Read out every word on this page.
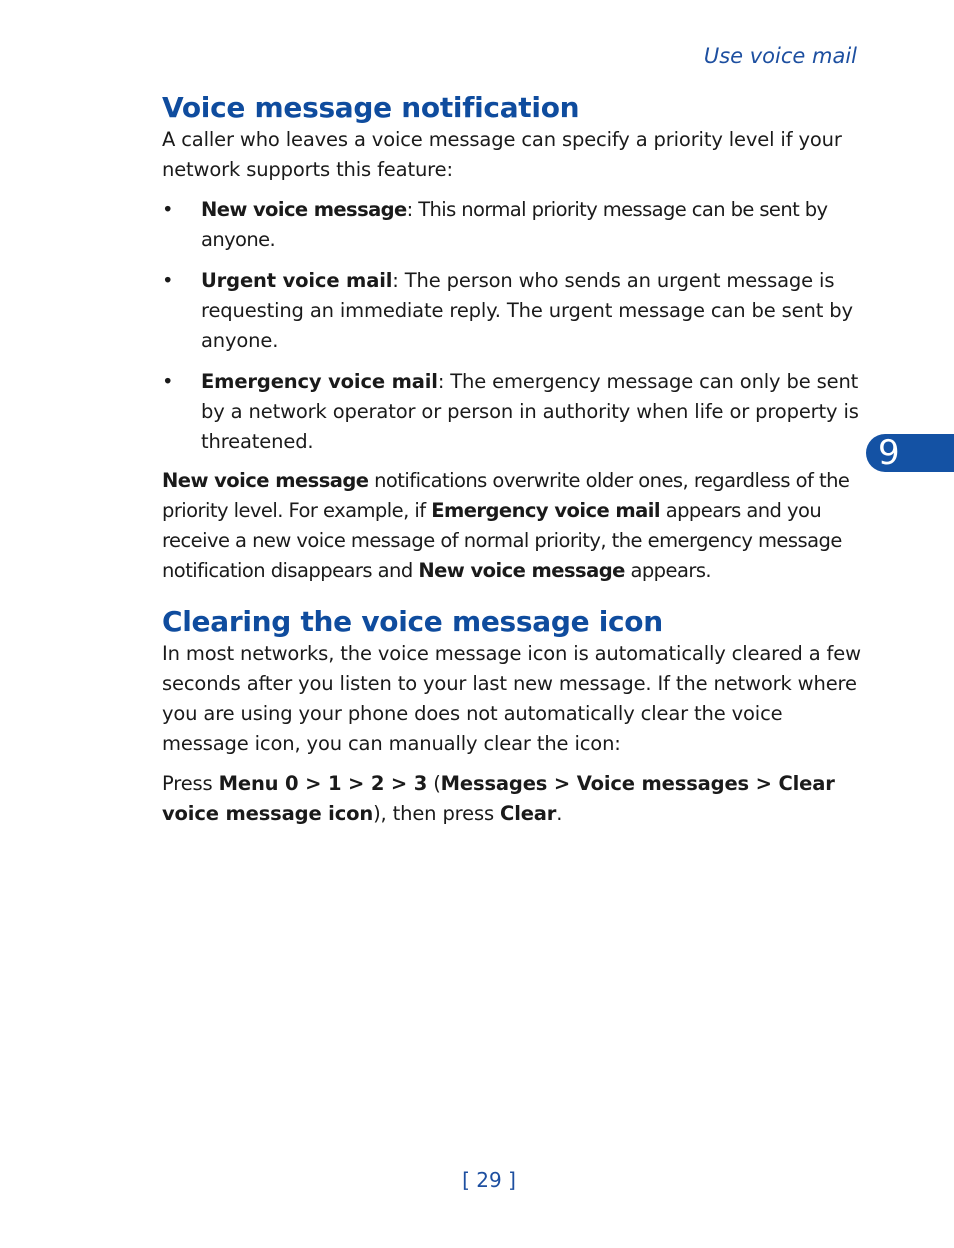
Use voice mail
9
Voice message notification

A caller who leaves a voice message can specify a priority level if your network supports this feature:

• New voice message: This normal priority message can be sent by anyone.
• Urgent voice mail: The person who sends an urgent message is requesting an immediate reply. The urgent message can be sent by anyone.
• Emergency voice mail: The emergency message can only be sent by a network operator or person in authority when life or property is threatened.

New voice message notifications overwrite older ones, regardless of the priority level. For example, if Emergency voice mail appears and you receive a new voice message of normal priority, the emergency message notification disappears and New voice message appears.

Clearing the voice message icon

In most networks, the voice message icon is automatically cleared a few seconds after you listen to your last new message. If the network where you are using your phone does not automatically clear the voice message icon, you can manually clear the icon:

Press Menu 0 > 1 > 2 > 3 (Messages > Voice messages > Clear voice message icon), then press Clear.

[ 29 ]
